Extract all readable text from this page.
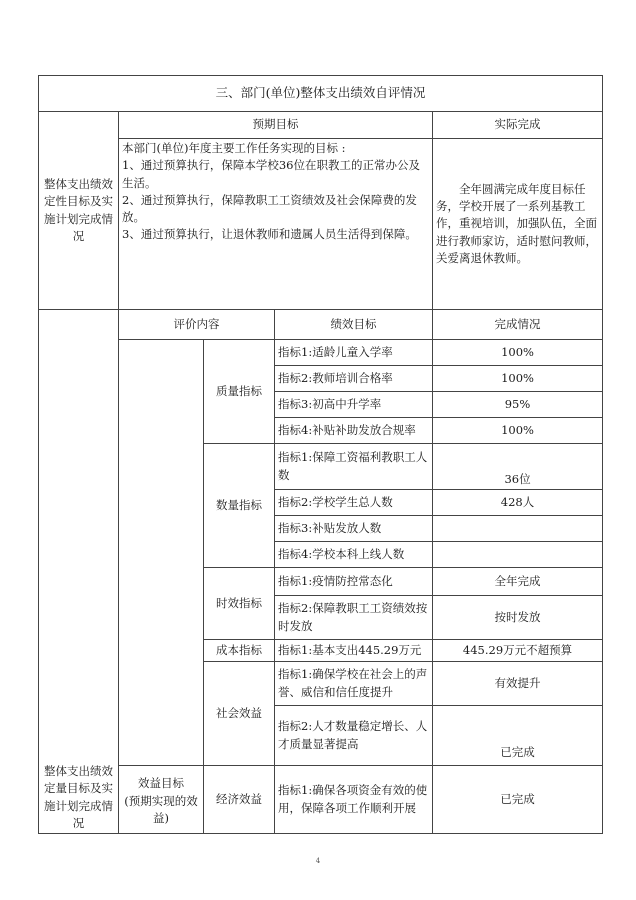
三、部门(单位)整体支出绩效自评情况				
整体支出绩效定性目标及实施计划完成情况	预期目标			实际完成
	本部门(单位)年度主要工作任务实现的目标 :
1、通过预算执行，保障本学校36位在职教工的正常办公及生活。
2、通过预算执行，保障教职工工资绩效及社会保障费的发放。
3、通过预算执行，让退休教师和遗属人员生活得到保障。			全年圆满完成年度目标任务，学校开展了一系列基教工作，重视培训，加强队伍，全面进行教师家访，适时慰问教师，关爱离退休教师。
整体支出绩效定量目标及实施计划完成情况	评价内容		绩效目标	完成情况
		质量指标	指标1:适龄儿童入学率	100%
			指标2:教师培训合格率	100%
			指标3:初高中升学率	95%
			指标4:补贴补助发放合规率	100%
		数量指标	指标1:保障工资福利教职工人数	36位
			指标2:学校学生总人数	428人
			指标3:补贴发放人数	
			指标4:学校本科上线人数	
		时效指标	指标1:疫情防控常态化	全年完成
			指标2:保障教职工工资绩效按时发放	按时发放
		成本指标	指标1:基本支出445.29万元	445.29万元不超预算
		社会效益	指标1:确保学校在社会上的声誉、威信和信任度提升	有效提升
			指标2:人才数量稳定增长、人才质量显著提高	已完成
	效益目标
(预期实现的效益)	经济效益	指标1:确保各项资金有效的使用，保障各项工作顺利开展	已完成

4
